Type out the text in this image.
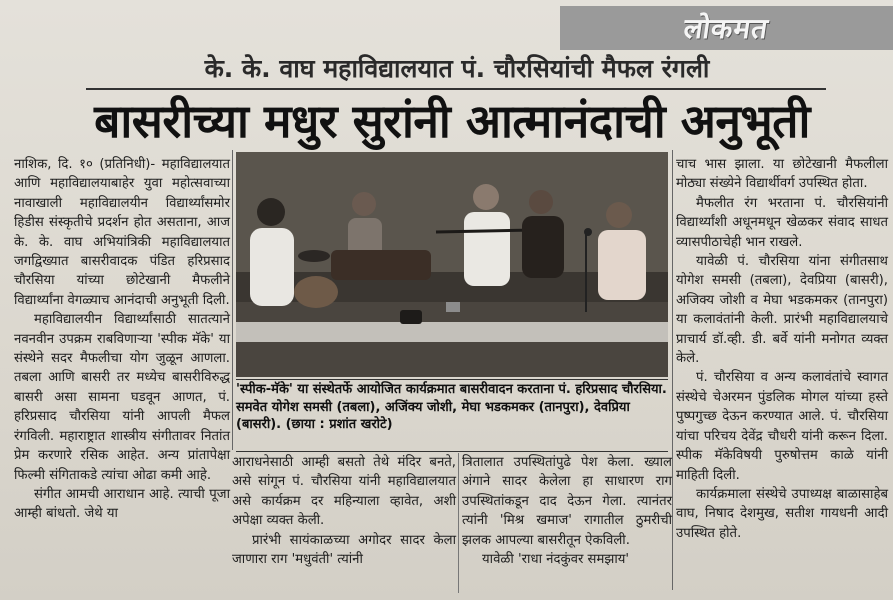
लोकमत
के. के. वाघ महाविद्यालयात पं. चौरसियांची मैफल रंगली
बासरीच्या मधुर सुरांनी आत्मानंदाची अनुभूती

नाशिक, दि. १० (प्रतिनिधी)- महाविद्यालयात आणि महाविद्यालयाबाहेर युवा महोत्सवाच्या नावाखाली महाविद्यालयीन विद्यार्थ्यांसमोर हिडीस संस्कृतीचे प्रदर्शन होत असताना, आज के. के. वाघ अभियांत्रिकी महाविद्यालयात जगद्विख्यात बासरीवादक पंडित हरिप्रसाद चौरसिया यांच्या छोटेखानी मैफलीने विद्यार्थ्यांना वेगळ्याच आनंदाची अनुभूती दिली.

महाविद्यालयीन विद्यार्थ्यांसाठी सातत्याने नवनवीन उपक्रम राबविणाऱ्या 'स्पीक मॅके' या संस्थेने सदर मैफलीचा योग जुळून आणला. तबला आणि बासरी तर मध्येच बासरीविरुद्ध बासरी असा सामना घडवून आणत, पं. हरिप्रसाद चौरसिया यांनी आपली मैफल रंगविली. महाराष्ट्रात शास्त्रीय संगीतावर नितांत प्रेम करणारे रसिक आहेत. अन्य प्रांतापेक्षा फिल्मी संगिताकडे त्यांचा ओढा कमी आहे.

संगीत आमची आराधान आहे. त्याची पूजा आम्ही बांधतो. जेथे या

'स्पीक-मॅके' या संस्थेतर्फे आयोजित कार्यक्रमात बासरीवादन करताना पं. हरिप्रसाद चौरसिया. समवेत योगेश समसी (तबला), अजिंक्य जोशी, मेघा भडकमकर (तानपुरा), देवप्रिया (बासरी). (छाया : प्रशांत खरोटे)

आराधनेसाठी आम्ही बसतो तेथे मंदिर बनते, असे सांगून पं. चौरसिया यांनी महाविद्यालयात असे कार्यक्रम दर महिन्याला व्हावेत, अशी अपेक्षा व्यक्त केली.

प्रारंभी सायंकाळच्या अगोदर सादर केला जाणारा राग 'मधुवंती' त्यांनी

त्रितालात उपस्थितांपुढे पेश केला. ख्याल अंगाने सादर केलेला हा साधारण राग उपस्थितांकडून दाद देऊन गेला. त्यानंतर त्यांनी 'मिश्र खमाज' रागातील ठुमरीची झलक आपल्या बासरीतून ऐकविली.

यावेळी 'राधा नंदकुंवर समझाय'

चाच भास झाला. या छोटेखानी मैफलीला मोठ्या संख्येने विद्यार्थीवर्ग उपस्थित होता.

मैफलीत रंग भरताना पं. चौरसियांनी विद्यार्थ्यांशी अधूनमधून खेळकर संवाद साधत व्यासपीठाचेही भान राखले.

यावेळी पं. चौरसिया यांना संगीतसाथ योगेश समसी (तबला), देवप्रिया (बासरी), अजिक्य जोशी व मेघा भडकमकर (तानपुरा) या कलावंतांनी केली. प्रारंभी महाविद्यालयाचे प्राचार्य डॉ.व्ही. डी. बर्वे यांनी मनोगत व्यक्त केले.

पं. चौरसिया व अन्य कलावंतांचे स्वागत संस्थेचे चेअरमन पुंडलिक मोगल यांच्या हस्ते पुष्पगुच्छ देऊन करण्यात आले. पं. चौरसिया यांचा परिचय देवेंद्र चौधरी यांनी करून दिला. स्पीक मॅकेविषयी पुरुषोत्तम काळे यांनी माहिती दिली.

कार्यक्रमाला संस्थेचे उपाध्यक्ष बाळासाहेब वाघ, निषाद देशमुख, सतीश गायधनी आदी उपस्थित होते.
